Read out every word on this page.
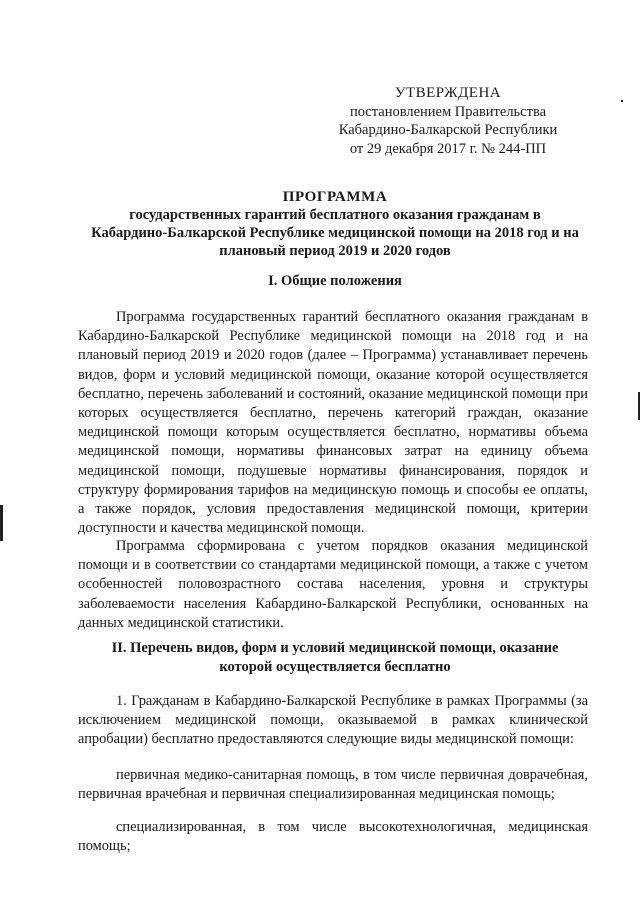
УТВЕРЖДЕНА
постановлением Правительства
Кабардино-Балкарской Республики
от 29 декабря 2017 г. № 244-ПП
ПРОГРАММА
государственных гарантий бесплатного оказания гражданам в
Кабардино-Балкарской Республике медицинской помощи на 2018 год и на
плановый период 2019 и 2020 годов
I. Общие положения

Программа государственных гарантий бесплатного оказания гражданам в Кабардино-Балкарской Республике медицинской помощи на 2018 год и на плановый период 2019 и 2020 годов (далее – Программа) устанавливает перечень видов, форм и условий медицинской помощи, оказание которой осуществляется бесплатно, перечень заболеваний и состояний, оказание медицинской помощи при которых осуществляется бесплатно, перечень категорий граждан, оказание медицинской помощи которым осуществляется бесплатно, нормативы объема медицинской помощи, нормативы финансовых затрат на единицу объема медицинской помощи, подушевые нормативы финансирования, порядок и структуру формирования тарифов на медицинскую помощь и способы ее оплаты, а также порядок, условия предоставления медицинской помощи, критерии доступности и качества медицинской помощи.

Программа сформирована с учетом порядков оказания медицинской помощи и в соответствии со стандартами медицинской помощи, а также с учетом особенностей половозрастного состава населения, уровня и структуры заболеваемости населения Кабардино-Балкарской Республики, основанных на данных медицинской статистики.

II. Перечень видов, форм и условий медицинской помощи, оказание
которой осуществляется бесплатно

1. Гражданам в Кабардино-Балкарской Республике в рамках Программы (за исключением медицинской помощи, оказываемой в рамках клинической апробации) бесплатно предоставляются следующие виды медицинской помощи:

первичная медико-санитарная помощь, в том числе первичная доврачебная, первичная врачебная и первичная специализированная медицинская помощь;

специализированная, в том числе высокотехнологичная, медицинская помощь;
